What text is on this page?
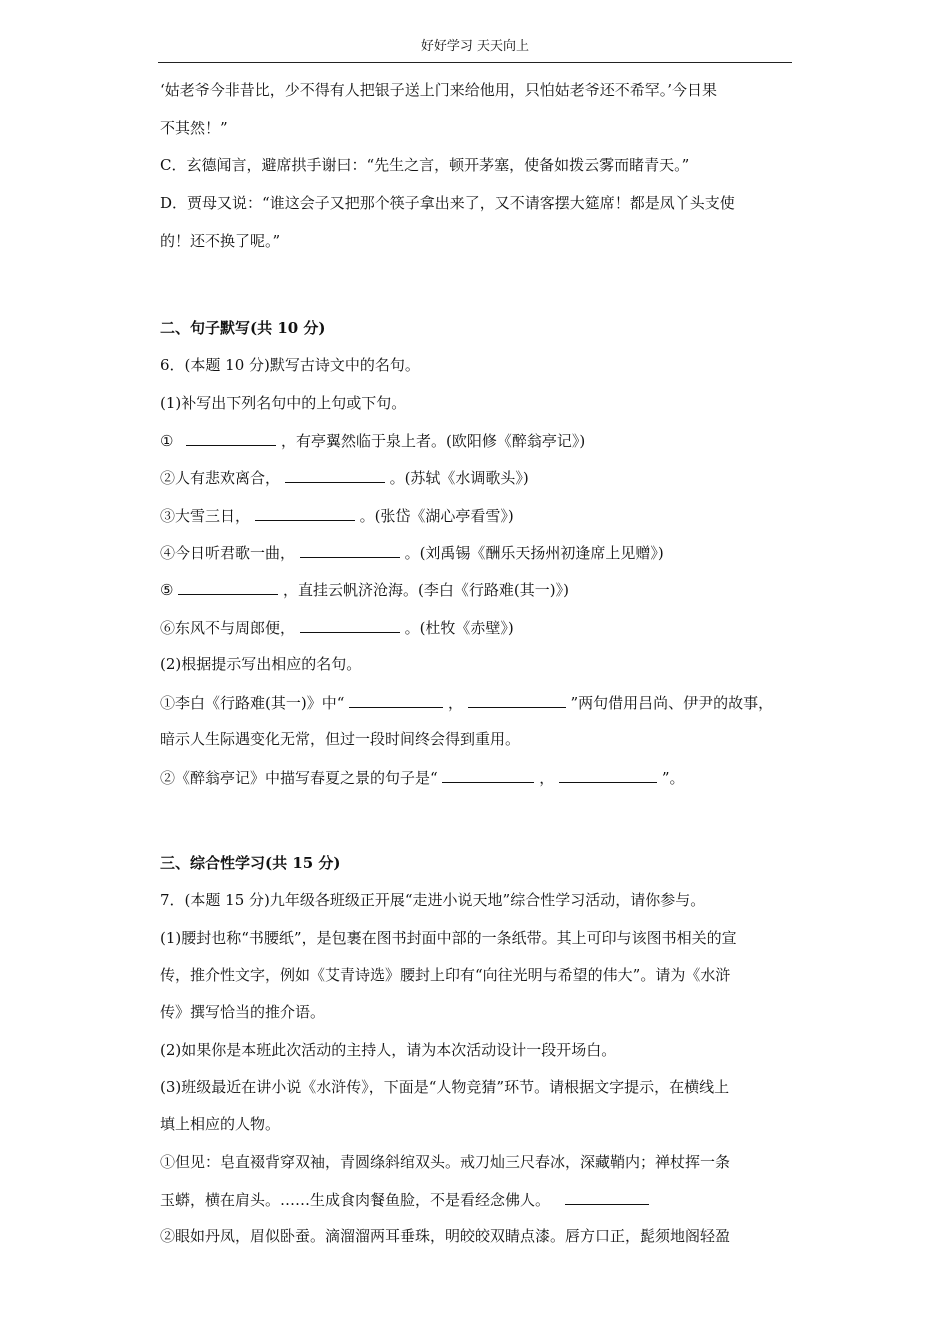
好好学习 天天向上
‘姑老爷今非昔比，少不得有人把银子送上门来给他用，只怕姑老爷还不希罕。’今日果
不其然！”
C．玄德闻言，避席拱手谢曰：“先生之言，顿开茅塞，使备如拨云雾而睹青天。”
D．贾母又说：“谁这会子又把那个筷子拿出来了，又不请客摆大筵席！都是凤丫头支使
的！还不换了呢。”
二、句子默写(共 10 分)
6．(本题 10 分)默写古诗文中的名句。
(1)补写出下列名句中的上句或下句。
①	，有亭翼然临于泉上者。(欧阳修《醉翁亭记》)
②人有悲欢离合，	。(苏轼《水调歌头》)
③大雪三日，	。(张岱《湖心亭看雪》)
④今日听君歌一曲，	。(刘禹锡《酬乐天扬州初逢席上见赠》)
⑤	，直挂云帆济沧海。(李白《行路难(其一)》)
⑥东风不与周郎便，	。(杜牧《赤壁》)
(2)根据提示写出相应的名句。
①李白《行路难(其一)》中“	，	”两句借用吕尚、伊尹的故事，
暗示人生际遇变化无常，但过一段时间终会得到重用。
②《醉翁亭记》中描写春夏之景的句子是“	，	”。
三、综合性学习(共 15 分)
7．(本题 15 分)九年级各班级正开展“走进小说天地”综合性学习活动，请你参与。
(1)腰封也称“书腰纸”，是包裹在图书封面中部的一条纸带。其上可印与该图书相关的宣
传，推介性文字，例如《艾青诗选》腰封上印有“向往光明与希望的伟大”。请为《水浒
传》撰写恰当的推介语。
(2)如果你是本班此次活动的主持人，请为本次活动设计一段开场白。
(3)班级最近在讲小说《水浒传》，下面是“人物竞猜”环节。请根据文字提示，在横线上
填上相应的人物。
①但见：皂直裰背穿双袖，青圆绦斜绾双头。戒刀灿三尺春冰，深藏鞘内；禅杖挥一条
玉蟒，横在肩头。……生成食肉餐鱼脸，不是看经念佛人。
②眼如丹凤，眉似卧蚕。滴溜溜两耳垂珠，明皎皎双睛点漆。唇方口正，髭须地阁轻盈
